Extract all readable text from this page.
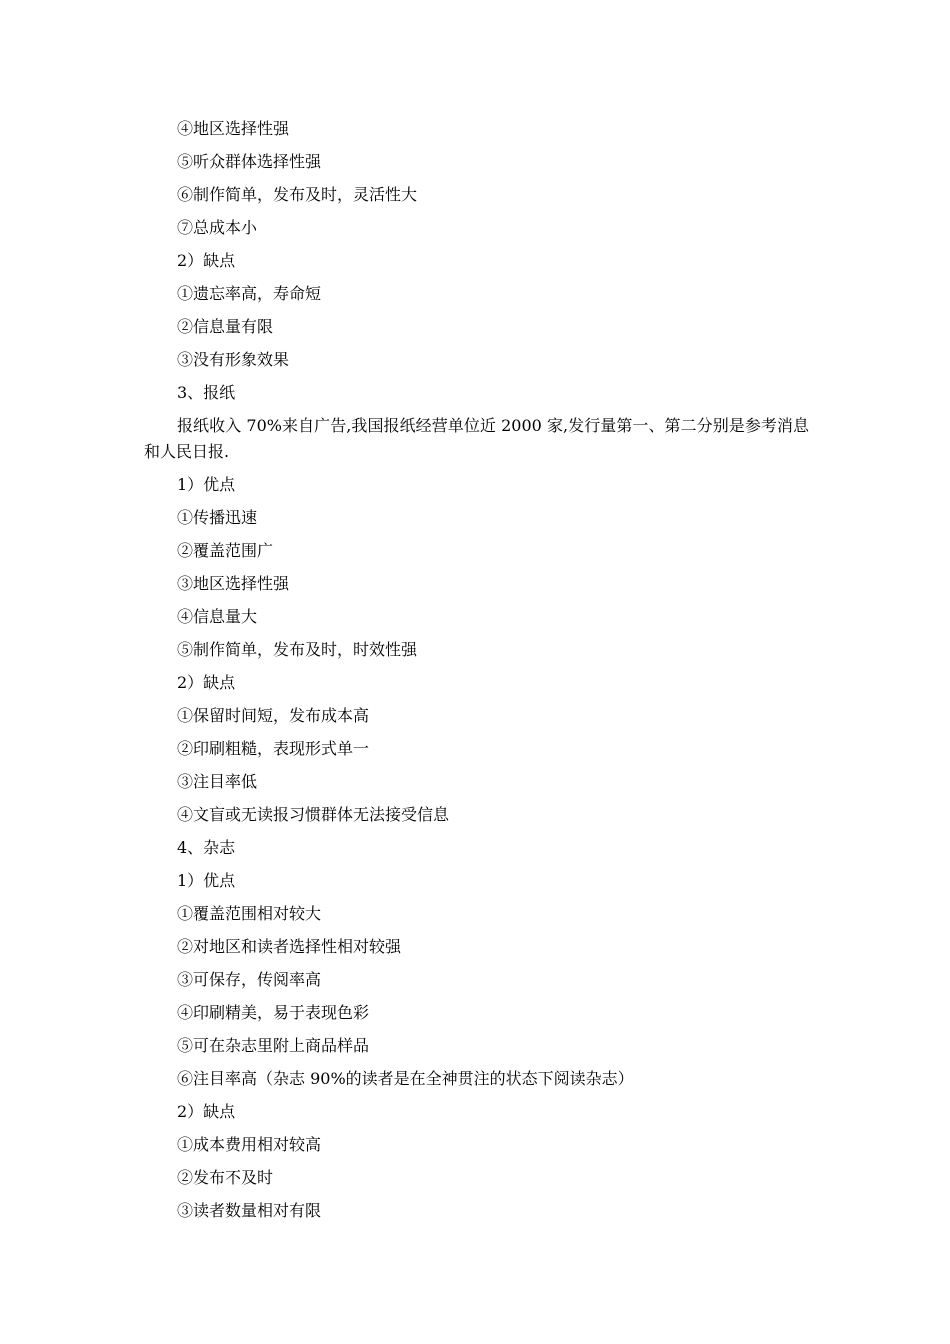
④地区选择性强
⑤听众群体选择性强
⑥制作简单，发布及时，灵活性大
⑦总成本小
2）缺点
①遗忘率高，寿命短
②信息量有限
③没有形象效果
3、报纸
报纸收入 70%来自广告,我国报纸经营单位近 2000 家,发行量第一、第二分别是参考消息和人民日报.
1）优点
①传播迅速
②覆盖范围广
③地区选择性强
④信息量大
⑤制作简单，发布及时，时效性强
2）缺点
①保留时间短，发布成本高
②印刷粗糙，表现形式单一
③注目率低
④文盲或无读报习惯群体无法接受信息
4、杂志
1）优点
①覆盖范围相对较大
②对地区和读者选择性相对较强
③可保存，传阅率高
④印刷精美，易于表现色彩
⑤可在杂志里附上商品样品
⑥注目率高（杂志 90%的读者是在全神贯注的状态下阅读杂志）
2）缺点
①成本费用相对较高
②发布不及时
③读者数量相对有限
